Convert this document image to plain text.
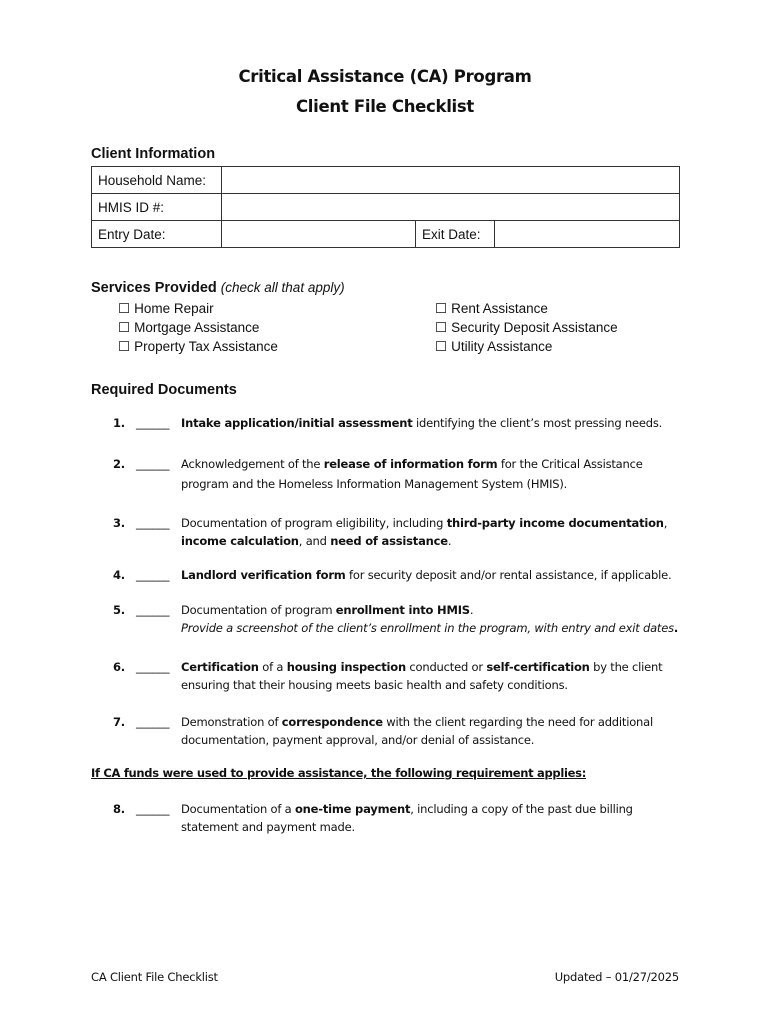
Critical Assistance (CA) Program
Client File Checklist
Client Information
Household Name:			
HMIS ID #:			
Entry Date:		Exit Date:	
Services Provided (check all that apply)
☐ Home Repair
☐ Mortgage Assistance
☐ Property Tax Assistance
☐ Rent Assistance
☐ Security Deposit Assistance
☐ Utility Assistance
Required Documents
1. ______ Intake application/initial assessment identifying the client’s most pressing needs.
2. ______ Acknowledgement of the release of information form for the Critical Assistance
program and the Homeless Information Management System (HMIS).
3. ______ Documentation of program eligibility, including third-party income documentation,
income calculation, and need of assistance.
4. ______ Landlord verification form for security deposit and/or rental assistance, if applicable.
5. ______ Documentation of program enrollment into HMIS.
Provide a screenshot of the client’s enrollment in the program, with entry and exit dates.
6. ______ Certification of a housing inspection conducted or self-certification by the client
ensuring that their housing meets basic health and safety conditions.
7. ______ Demonstration of correspondence with the client regarding the need for additional
documentation, payment approval, and/or denial of assistance.
If CA funds were used to provide assistance, the following requirement applies:
8. ______ Documentation of a one-time payment, including a copy of the past due billing
statement and payment made.
CA Client File Checklist	Updated – 01/27/2025
